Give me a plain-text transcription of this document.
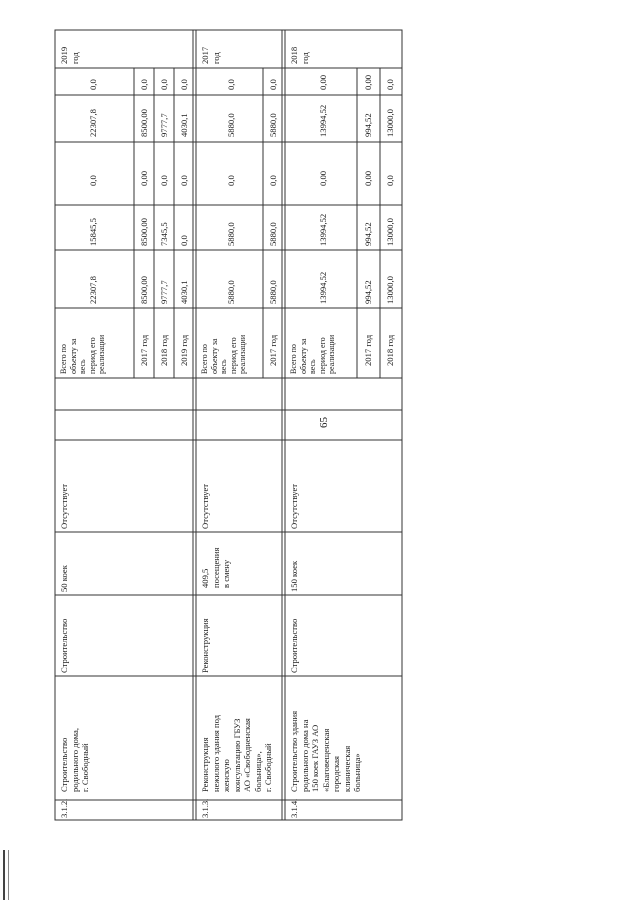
65
3.1.2.
Строительство
родильного дома,
г. Свободный
Строительство
50 коек
Отсутствует
Всего по
объекту за
весь
период его
реализации
22307,8
15845,5
0,0
22307,8
0,0
2017 год
8500,00
8500,00
0,00
8500,00
0,0
2018 год
9777,7
7345,5
0,0
9777,7
0,0
2019 год
4030,1
0,0
0,0
4030,1
0,0
2019
год
3.1.3.
Реконструкция
нежилого здания под
женскую
консультацию ГБУЗ
АО «Свободненская
больница»,
г. Свободный
Реконструкция
409,5
посещения
в смену
Отсутствует
Всего по
объекту за
весь
период его
реализации
5880,0
5880,0
0,0
5880,0
0,0
2017 год
5880,0
5880,0
0,0
5880,0
0,0
2017
год
3.1.4.
Строительство здания
родильного дома на
150 коек ГАУЗ АО
«Благовещенская
городская
клиническая
больница»
Строительство
150 коек
Отсутствует
Всего по
объекту за
весь
период его
реализации
13994,52
13994,52
0,00
13994,52
0,00
2017 год
994,52
994,52
0,00
994,52
0,00
2018 год
13000,0
13000,0
0,0
13000,0
0,0
2018
год
